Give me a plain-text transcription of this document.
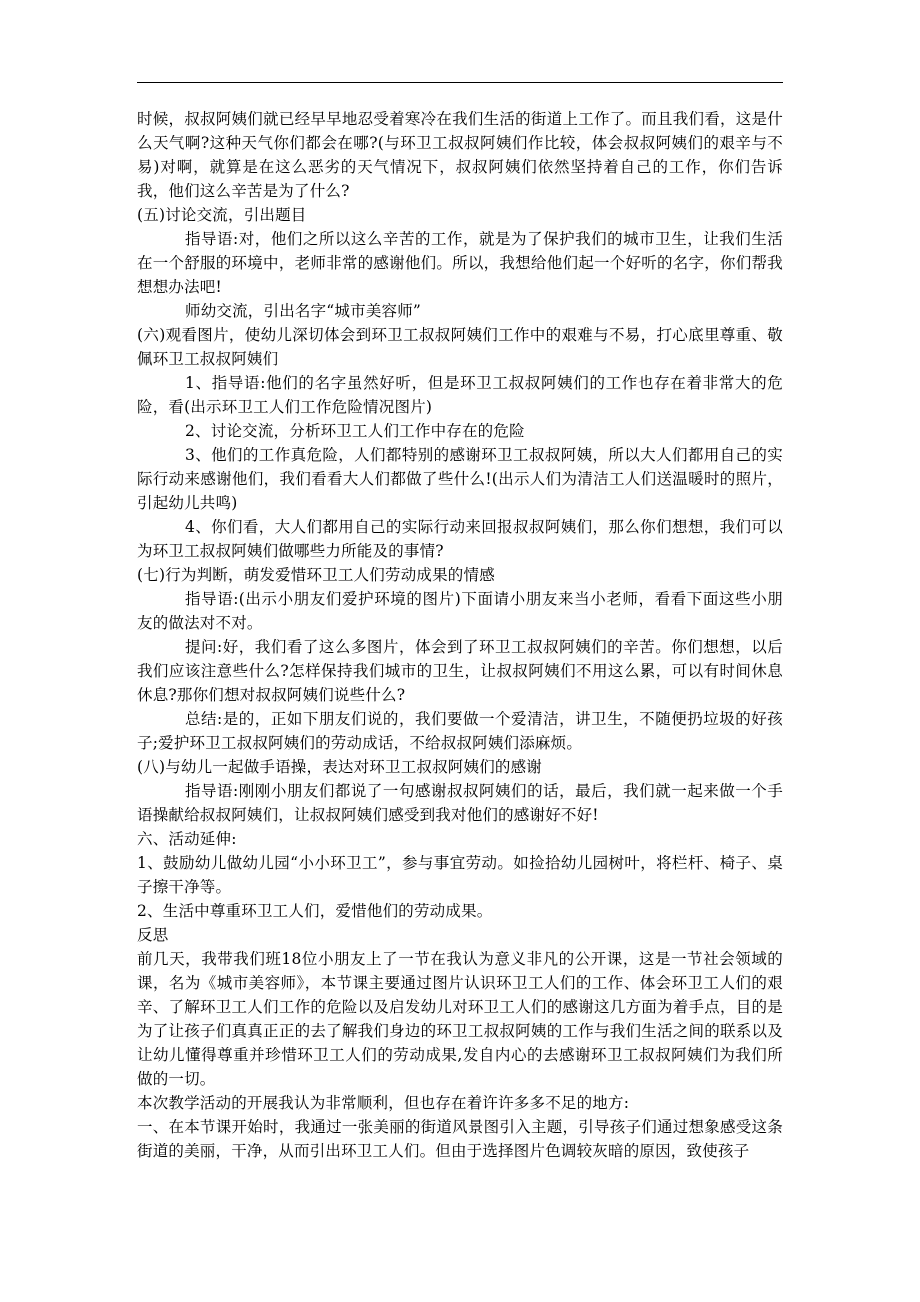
时候，叔叔阿姨们就已经早早地忍受着寒冷在我们生活的街道上工作了。而且我们看，这是什么天气啊?这种天气你们都会在哪?(与环卫工叔叔阿姨们作比较，体会叔叔阿姨们的艰辛与不易)对啊，就算是在这么恶劣的天气情况下，叔叔阿姨们依然坚持着自己的工作，你们告诉我，他们这么辛苦是为了什么?

(五)讨论交流，引出题目

指导语:对，他们之所以这么辛苦的工作，就是为了保护我们的城市卫生，让我们生活在一个舒服的环境中，老师非常的感谢他们。所以，我想给他们起一个好听的名字，你们帮我想想办法吧!

师幼交流，引出名字“城市美容师”

(六)观看图片，使幼儿深切体会到环卫工叔叔阿姨们工作中的艰难与不易，打心底里尊重、敬佩环卫工叔叔阿姨们

1、指导语:他们的名字虽然好听，但是环卫工叔叔阿姨们的工作也存在着非常大的危险，看(出示环卫工人们工作危险情况图片)

2、讨论交流，分析环卫工人们工作中存在的危险

3、他们的工作真危险，人们都特别的感谢环卫工叔叔阿姨，所以大人们都用自己的实际行动来感谢他们，我们看看大人们都做了些什么!(出示人们为清洁工人们送温暖时的照片，引起幼儿共鸣)

4、你们看，大人们都用自己的实际行动来回报叔叔阿姨们，那么你们想想，我们可以为环卫工叔叔阿姨们做哪些力所能及的事情?

(七)行为判断，萌发爱惜环卫工人们劳动成果的情感

指导语:(出示小朋友们爱护环境的图片)下面请小朋友来当小老师，看看下面这些小朋友的做法对不对。

提问:好，我们看了这么多图片，体会到了环卫工叔叔阿姨们的辛苦。你们想想，以后我们应该注意些什么?怎样保持我们城市的卫生，让叔叔阿姨们不用这么累，可以有时间休息休息?那你们想对叔叔阿姨们说些什么?

总结:是的，正如下朋友们说的，我们要做一个爱清洁，讲卫生，不随便扔垃圾的好孩子;爱护环卫工叔叔阿姨们的劳动成话，不给叔叔阿姨们添麻烦。

(八)与幼儿一起做手语操，表达对环卫工叔叔阿姨们的感谢

指导语:刚刚小朋友们都说了一句感谢叔叔阿姨们的话，最后，我们就一起来做一个手语操献给叔叔阿姨们，让叔叔阿姨们感受到我对他们的感谢好不好!

六、活动延伸:

1、鼓励幼儿做幼儿园“小小环卫工”，参与事宜劳动。如捡拾幼儿园树叶，将栏杆、椅子、桌子擦干净等。

2、生活中尊重环卫工人们，爱惜他们的劳动成果。

反思

前几天，我带我们班18位小朋友上了一节在我认为意义非凡的公开课，这是一节社会领域的课，名为《城市美容师》，本节课主要通过图片认识环卫工人们的工作、体会环卫工人们的艰辛、了解环卫工人们工作的危险以及启发幼儿对环卫工人们的感谢这几方面为着手点，目的是为了让孩子们真真正正的去了解我们身边的环卫工叔叔阿姨的工作与我们生活之间的联系以及让幼儿懂得尊重并珍惜环卫工人们的劳动成果,发自内心的去感谢环卫工叔叔阿姨们为我们所做的一切。

本次教学活动的开展我认为非常顺利，但也存在着许许多多不足的地方:

一、在本节课开始时，我通过一张美丽的街道风景图引入主题，引导孩子们通过想象感受这条街道的美丽，干净，从而引出环卫工人们。但由于选择图片色调较灰暗的原因，致使孩子
